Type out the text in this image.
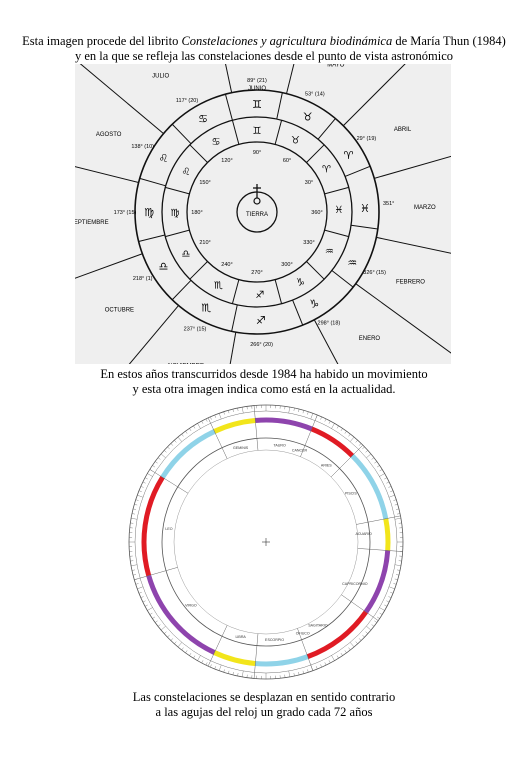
Esta imagen procede del librito Constelaciones y agricultura biodinámica de María Thun (1984)
y en la que se refleja las constelaciones desde el punto de vista astronómico
JUNIO
MAYO
ABRIL
MARZO
FEBRERO
ENERO
OCTUBRE
EPTIEMBRE
AGOSTO
JULIO
89° (21)
53° (14)
29° (19)
351°
326° (15)
298° (18)
266° (20)
237° (15)
218° (1)
173° (15)
138° (10)
117° (20)	♊
♊
♉
♉
♈
♈
♓
♓
♒
♒
♑
♑
♐
♐
♏
♏
♎
♎
♍ ♍
♌
♌
♋
♋
90°
60°
30°
360°
330°
300°
270°
240°
210°
180°
150°
120°
TIERRA
En estos años transcurridos desde 1984 ha habido un movimiento
y esta otra imagen indica como está en la actualidad.
GEMINIS
CANCER
LEO
VIRGO
LIBRA
ESCORPIO
OFIUCO
SAGITARIO
CAPRICORNIO
ACUARIO
PISCIS
ARIES
TAURO
Las constelaciones se desplazan en sentido contrario
a las agujas del reloj un grado cada 72 años
